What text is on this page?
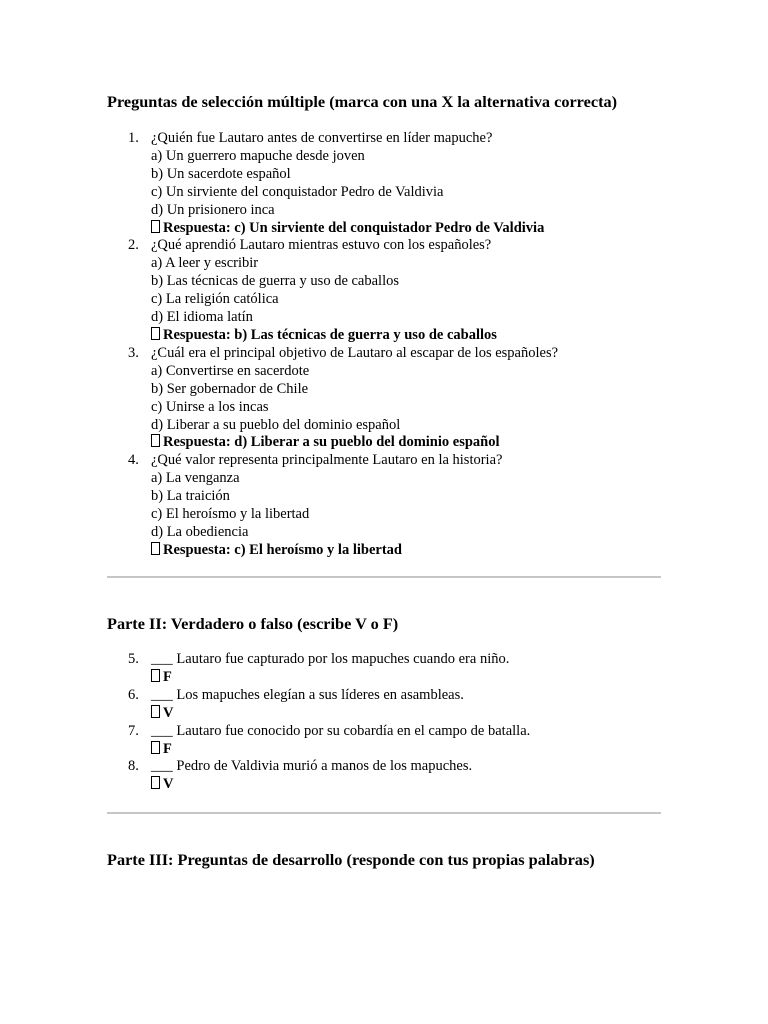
Preguntas de selección múltiple (marca con una X la alternativa correcta)
1. ¿Quién fue Lautaro antes de convertirse en líder mapuche?
a) Un guerrero mapuche desde joven
b) Un sacerdote español
c) Un sirviente del conquistador Pedro de Valdivia
d) Un prisionero inca
Respuesta: c) Un sirviente del conquistador Pedro de Valdivia
2. ¿Qué aprendió Lautaro mientras estuvo con los españoles?
a) A leer y escribir
b) Las técnicas de guerra y uso de caballos
c) La religión católica
d) El idioma latín
Respuesta: b) Las técnicas de guerra y uso de caballos
3. ¿Cuál era el principal objetivo de Lautaro al escapar de los españoles?
a) Convertirse en sacerdote
b) Ser gobernador de Chile
c) Unirse a los incas
d) Liberar a su pueblo del dominio español
Respuesta: d) Liberar a su pueblo del dominio español
4. ¿Qué valor representa principalmente Lautaro en la historia?
a) La venganza
b) La traición
c) El heroísmo y la libertad
d) La obediencia
Respuesta: c) El heroísmo y la libertad
Parte II: Verdadero o falso (escribe V o F)
5. ___ Lautaro fue capturado por los mapuches cuando era niño.
F
6. ___ Los mapuches elegían a sus líderes en asambleas.
V
7. ___ Lautaro fue conocido por su cobardía en el campo de batalla.
F
8. ___ Pedro de Valdivia murió a manos de los mapuches.
V
Parte III: Preguntas de desarrollo (responde con tus propias palabras)
